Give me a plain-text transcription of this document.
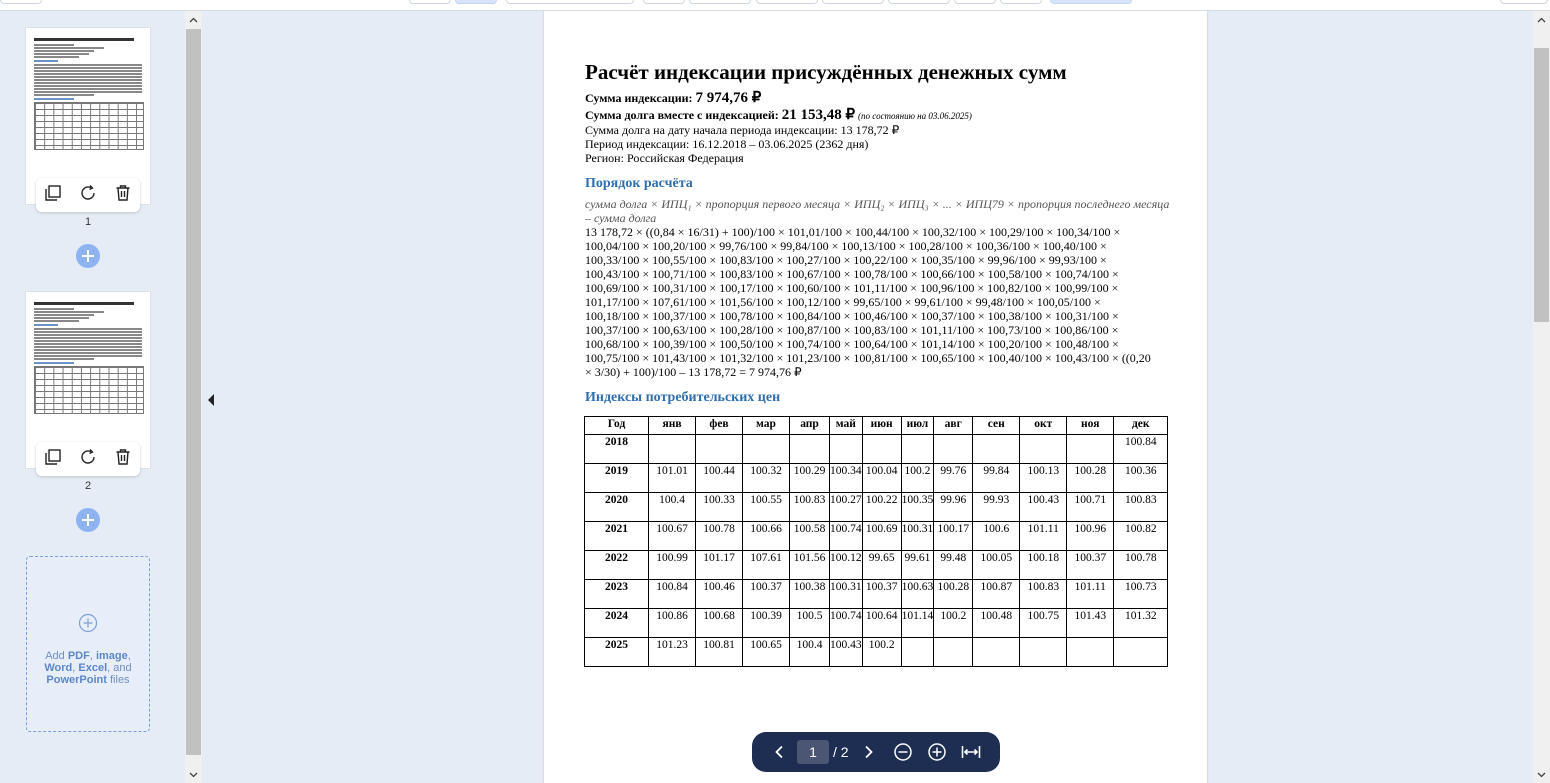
1
2
Add PDF, image, Word, Excel, and PowerPoint files
Расчёт индексации присуждённых денежных сумм
Сумма индексации: 7 974,76 ₽
Сумма долга вместе с индексацией: 21 153,48 ₽ (по состоянию на 03.06.2025)
Сумма долга на дату начала периода индексации: 13 178,72 ₽
Период индексации: 16.12.2018 – 03.06.2025 (2362 дня)
Регион: Российская Федерация
Порядок расчёта
сумма долга × ИПЦ₁ × пропорция первого месяца × ИПЦ₂ × ИПЦ₃ × ... × ИПЦ79 × пропорция последнего месяца – сумма долга
13 178,72 × ((0,84 × 16/31) + 100)/100 × 101,01/100 × 100,44/100 × 100,32/100 × 100,29/100 × 100,34/100 ×
100,04/100 × 100,20/100 × 99,76/100 × 99,84/100 × 100,13/100 × 100,28/100 × 100,36/100 × 100,40/100 ×
100,33/100 × 100,55/100 × 100,83/100 × 100,27/100 × 100,22/100 × 100,35/100 × 99,96/100 × 99,93/100 ×
100,43/100 × 100,71/100 × 100,83/100 × 100,67/100 × 100,78/100 × 100,66/100 × 100,58/100 × 100,74/100 ×
100,69/100 × 100,31/100 × 100,17/100 × 100,60/100 × 101,11/100 × 100,96/100 × 100,82/100 × 100,99/100 ×
101,17/100 × 107,61/100 × 101,56/100 × 100,12/100 × 99,65/100 × 99,61/100 × 99,48/100 × 100,05/100 ×
100,18/100 × 100,37/100 × 100,78/100 × 100,84/100 × 100,46/100 × 100,37/100 × 100,38/100 × 100,31/100 ×
100,37/100 × 100,63/100 × 100,28/100 × 100,87/100 × 100,83/100 × 101,11/100 × 100,73/100 × 100,86/100 ×
100,68/100 × 100,39/100 × 100,50/100 × 100,74/100 × 100,64/100 × 101,14/100 × 100,20/100 × 100,48/100 ×
100,75/100 × 101,43/100 × 101,32/100 × 101,23/100 × 100,81/100 × 100,65/100 × 100,40/100 × 100,43/100 × ((0,20
× 3/30) + 100)/100 – 13 178,72 = 7 974,76 ₽
Индексы потребительских цен
Год	янв	фев	мар	апр	май	июн	июл	авг	сен	окт	ноя	дек
2018												100.84
2019	101.01	100.44	100.32	100.29	100.34	100.04	100.2	99.76	99.84	100.13	100.28	100.36
2020	100.4	100.33	100.55	100.83	100.27	100.22	100.35	99.96	99.93	100.43	100.71	100.83
2021	100.67	100.78	100.66	100.58	100.74	100.69	100.31	100.17	100.6	101.11	100.96	100.82
2022	100.99	101.17	107.61	101.56	100.12	99.65	99.61	99.48	100.05	100.18	100.37	100.78
2023	100.84	100.46	100.37	100.38	100.31	100.37	100.63	100.28	100.87	100.83	101.11	100.73
2024	100.86	100.68	100.39	100.5	100.74	100.64	101.14	100.2	100.48	100.75	101.43	101.32
2025	101.23	100.81	100.65	100.4	100.43	100.2						
1	/ 2
